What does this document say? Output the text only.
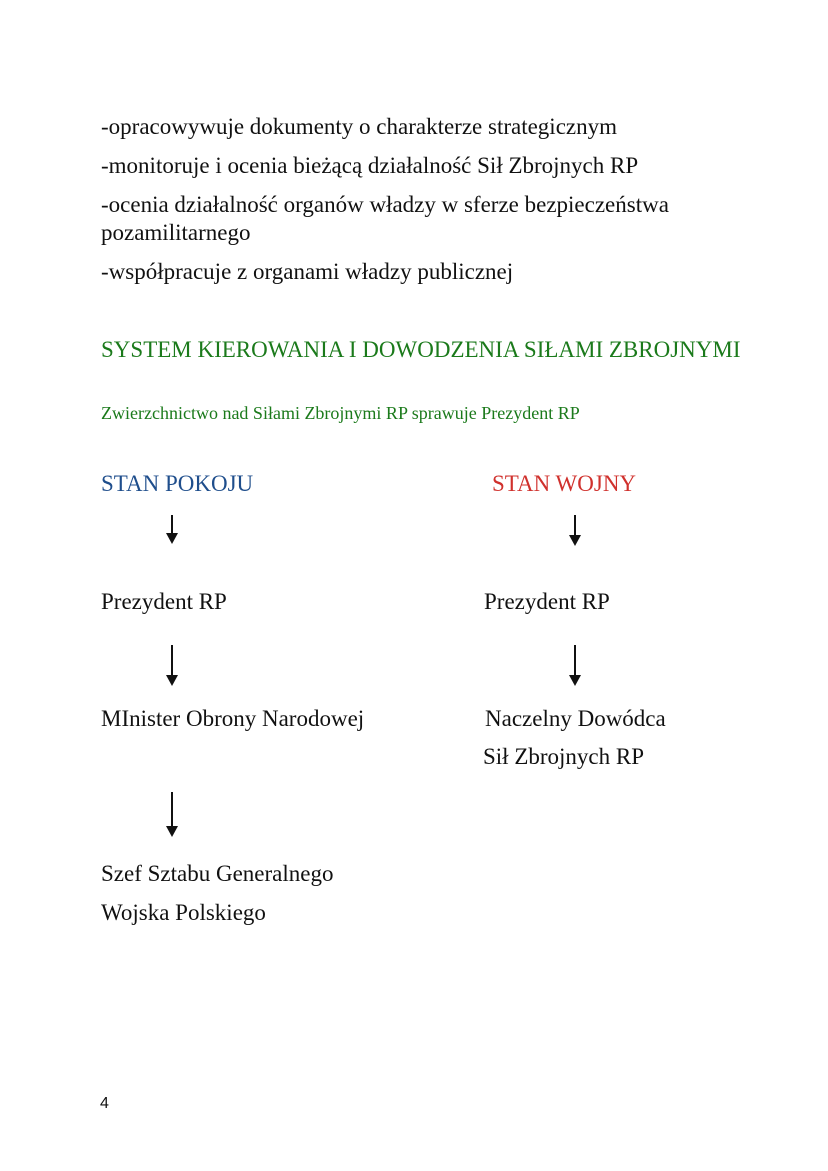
-opracowywuje dokumenty o charakterze strategicznym
-monitoruje i ocenia bieżącą działalność Sił Zbrojnych RP
-ocenia działalność organów władzy w sferze bezpieczeństwa pozamilitarnego
-współpracuje z organami władzy publicznej
SYSTEM KIEROWANIA I DOWODZENIA SIŁAMI ZBROJNYMI
Zwierzchnictwo nad Siłami Zbrojnymi RP sprawuje Prezydent RP
STAN POKOJU
Prezydent RP
MInister Obrony Narodowej
Szef Sztabu Generalnego
Wojska Polskiego
STAN WOJNY
Prezydent RP
Naczelny Dowódca
Sił Zbrojnych RP
4
